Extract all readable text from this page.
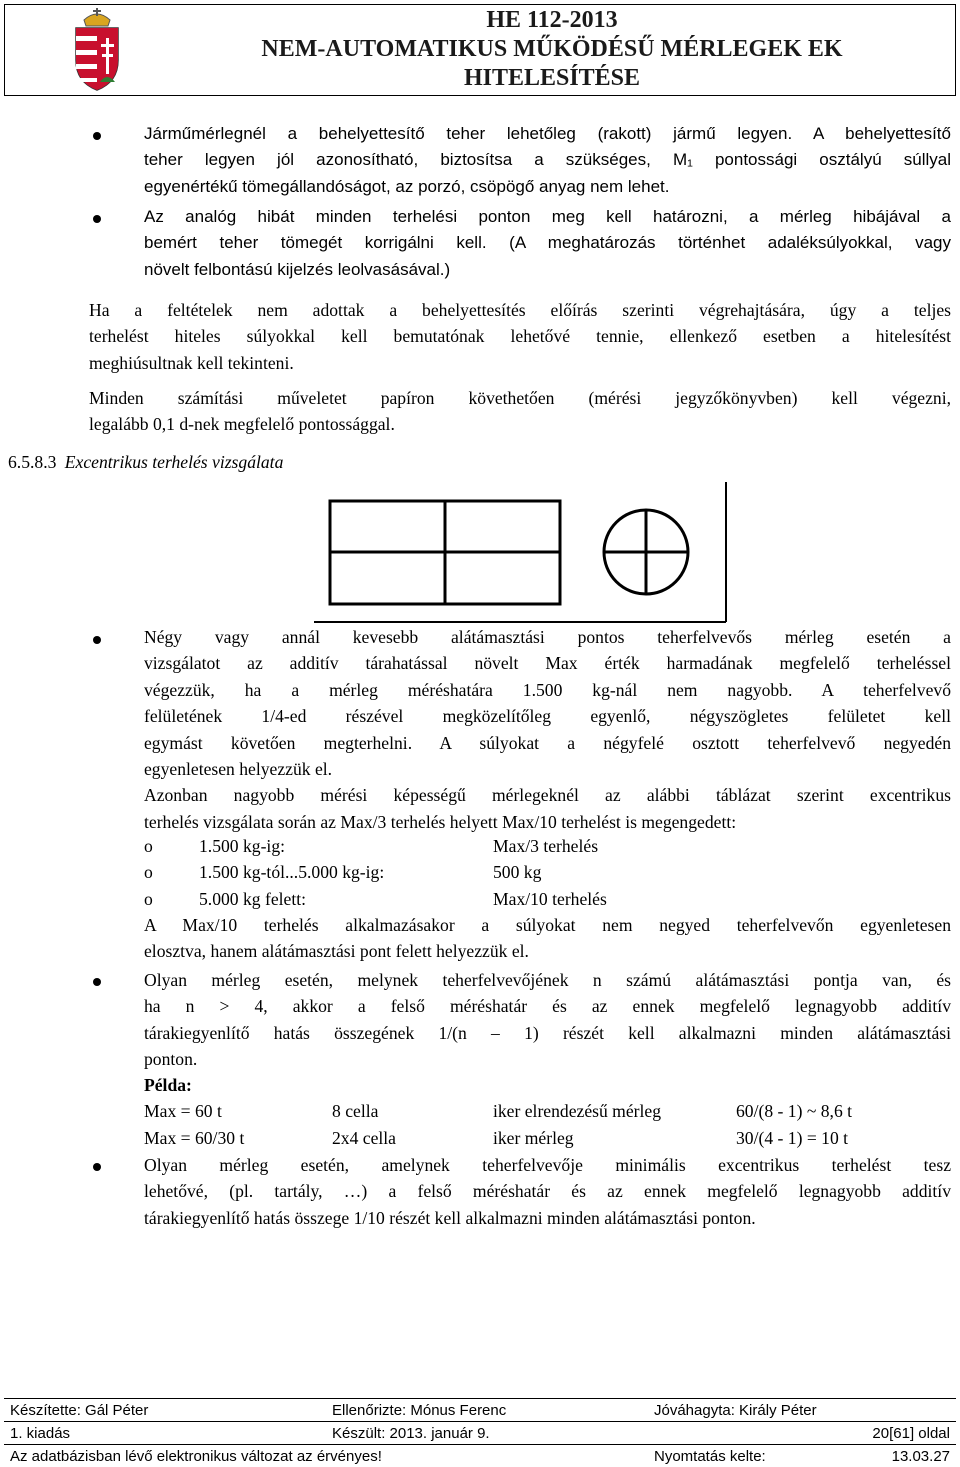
HE 112-2013
NEM-AUTOMATIKUS MŰKÖDÉSŰ MÉRLEGEK EK
HITELESÍTÉSE
Járműmérlegnél a behelyettesítő teher lehetőleg (rakott) jármű legyen. A behelyettesítő
teher legyen jól azonosítható, biztosítsa a szükséges, M₁ pontossági osztályú súllyal
egyenértékű tömegállandóságot, az porzó, csöpögő anyag nem lehet.
Az analóg hibát minden terhelési ponton meg kell határozni, a mérleg hibájával a
bemért teher tömegét korrigálni kell. (A meghatározás történhet adaléksúlyokkal, vagy
növelt felbontású kijelzés leolvasásával.)
Ha a feltételek nem adottak a behelyettesítés előírás szerinti végrehajtására, úgy a teljes
terhelést hiteles súlyokkal kell bemutatónak lehetővé tennie, ellenkező esetben a hitelesítést
meghiúsultnak kell tekinteni.
Minden számítási műveletet papíron követhetően (mérési jegyzőkönyvben) kell végezni,
legalább 0,1 d-nek megfelelő pontossággal.
6.5.8.3 Excentrikus terhelés vizsgálata
Négy vagy annál kevesebb alátámasztási pontos teherfelvevős mérleg esetén a
vizsgálatot az additív tárahatással növelt Max érték harmadának megfelelő terheléssel
végezzük, ha a mérleg méréshatára 1.500 kg-nál nem nagyobb. A teherfelvevő
felületének 1/4-ed részével megközelítőleg egyenlő, négyszögletes felületet kell
egymást követően megterhelni. A súlyokat a négyfelé osztott teherfelvevő negyedén
egyenletesen helyezzük el.
Azonban nagyobb mérési képességű mérlegeknél az alábbi táblázat szerint excentrikus
terhelés vizsgálata során az Max/3 terhelés helyett Max/10 terhelést is megengedett:
o	1.500 kg-ig:	Max/3 terhelés
o	1.500 kg-tól...5.000 kg-ig:	500 kg
o	5.000 kg felett:	Max/10 terhelés
A Max/10 terhelés alkalmazásakor a súlyokat nem negyed teherfelvevőn egyenletesen
elosztva, hanem alátámasztási pont felett helyezzük el.
Olyan mérleg esetén, melynek teherfelvevőjének n számú alátámasztási pontja van, és
ha n > 4, akkor a felső méréshatár és az ennek megfelelő legnagyobb additív
tárakiegyenlítő hatás összegének 1/(n – 1) részét kell alkalmazni minden alátámasztási
ponton.
Példa:
Max = 60 t	8 cella	iker elrendezésű mérleg	60/(8 - 1) ~ 8,6 t
Max = 60/30 t	2x4 cella	iker mérleg	30/(4 - 1) = 10 t
Olyan mérleg esetén, amelynek teherfelvevője minimális excentrikus terhelést tesz
lehetővé, (pl. tartály, …) a felső méréshatár és az ennek megfelelő legnagyobb additív
tárakiegyenlítő hatás összege 1/10 részét kell alkalmazni minden alátámasztási ponton.
Készítette: Gál Péter	Ellenőrizte: Mónus Ferenc	Jóváhagyta: Király Péter
1. kiadás	Készült: 2013. január 9.	20[61] oldal
Az adatbázisban lévő elektronikus változat az érvényes!		Nyomtatás kelte: 13.03.27
